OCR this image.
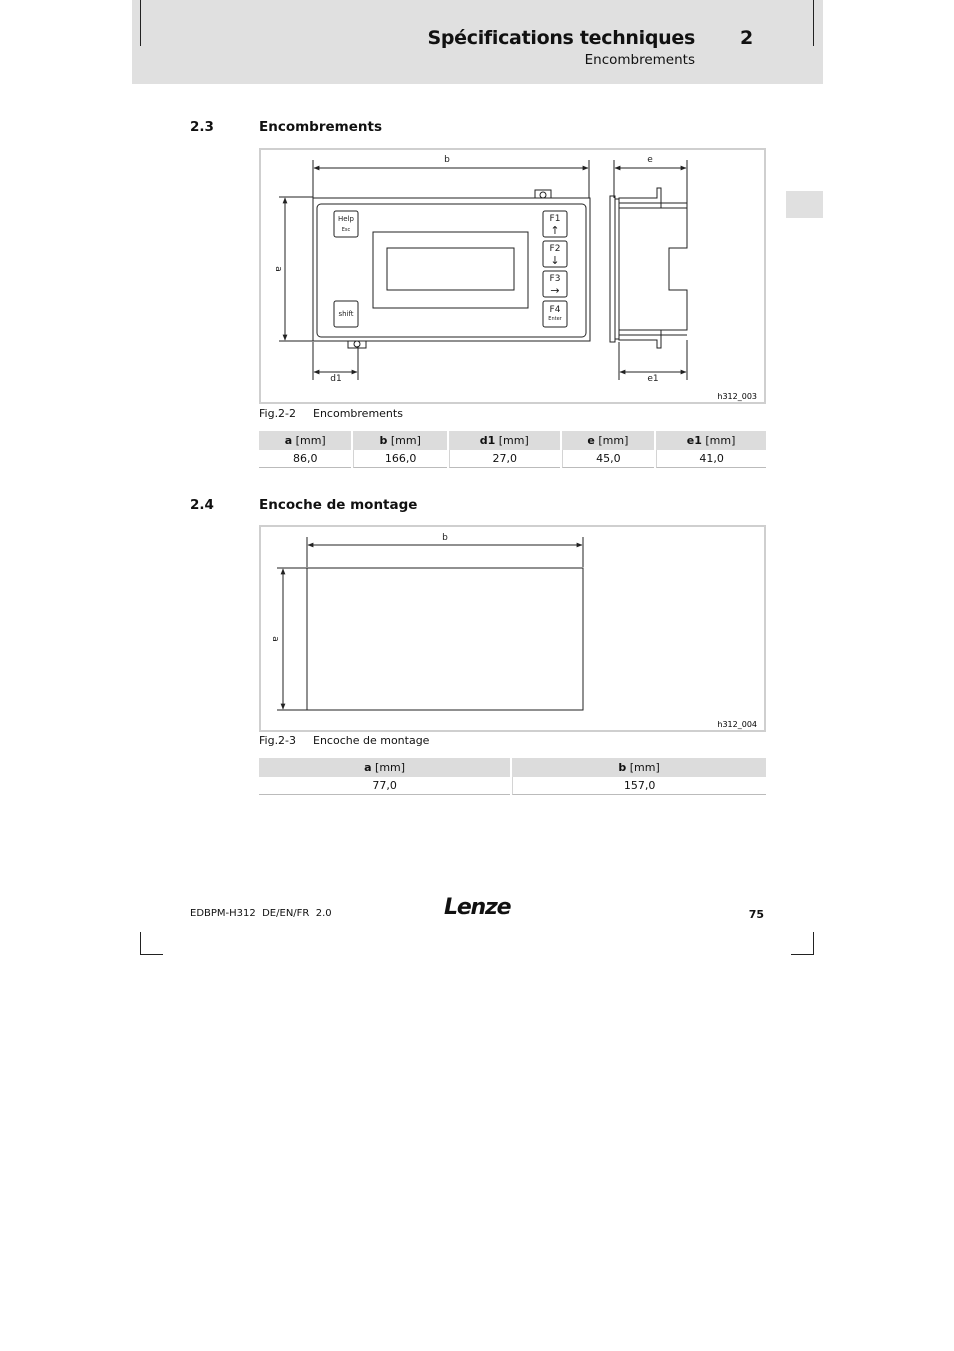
Spécifications techniques 2
Encombrements
2.3	Encombrements
b	e
a
d1	e1
Help
Esc
shift
F1
↑
F2
↓
F3
→
F4
Enter
h312_003
Fig.2-2 Encombrements
a [mm]	b [mm]	d1 [mm]	e [mm]	e1 [mm]
86,0	166,0	27,0	45,0	41,0
2.4	Encoche de montage
b
a
h312_004
Fig.2-3 Encoche de montage
a [mm]	b [mm]
77,0	157,0
EDBPM-H312  DE/EN/FR  2.0	Lenze	75
